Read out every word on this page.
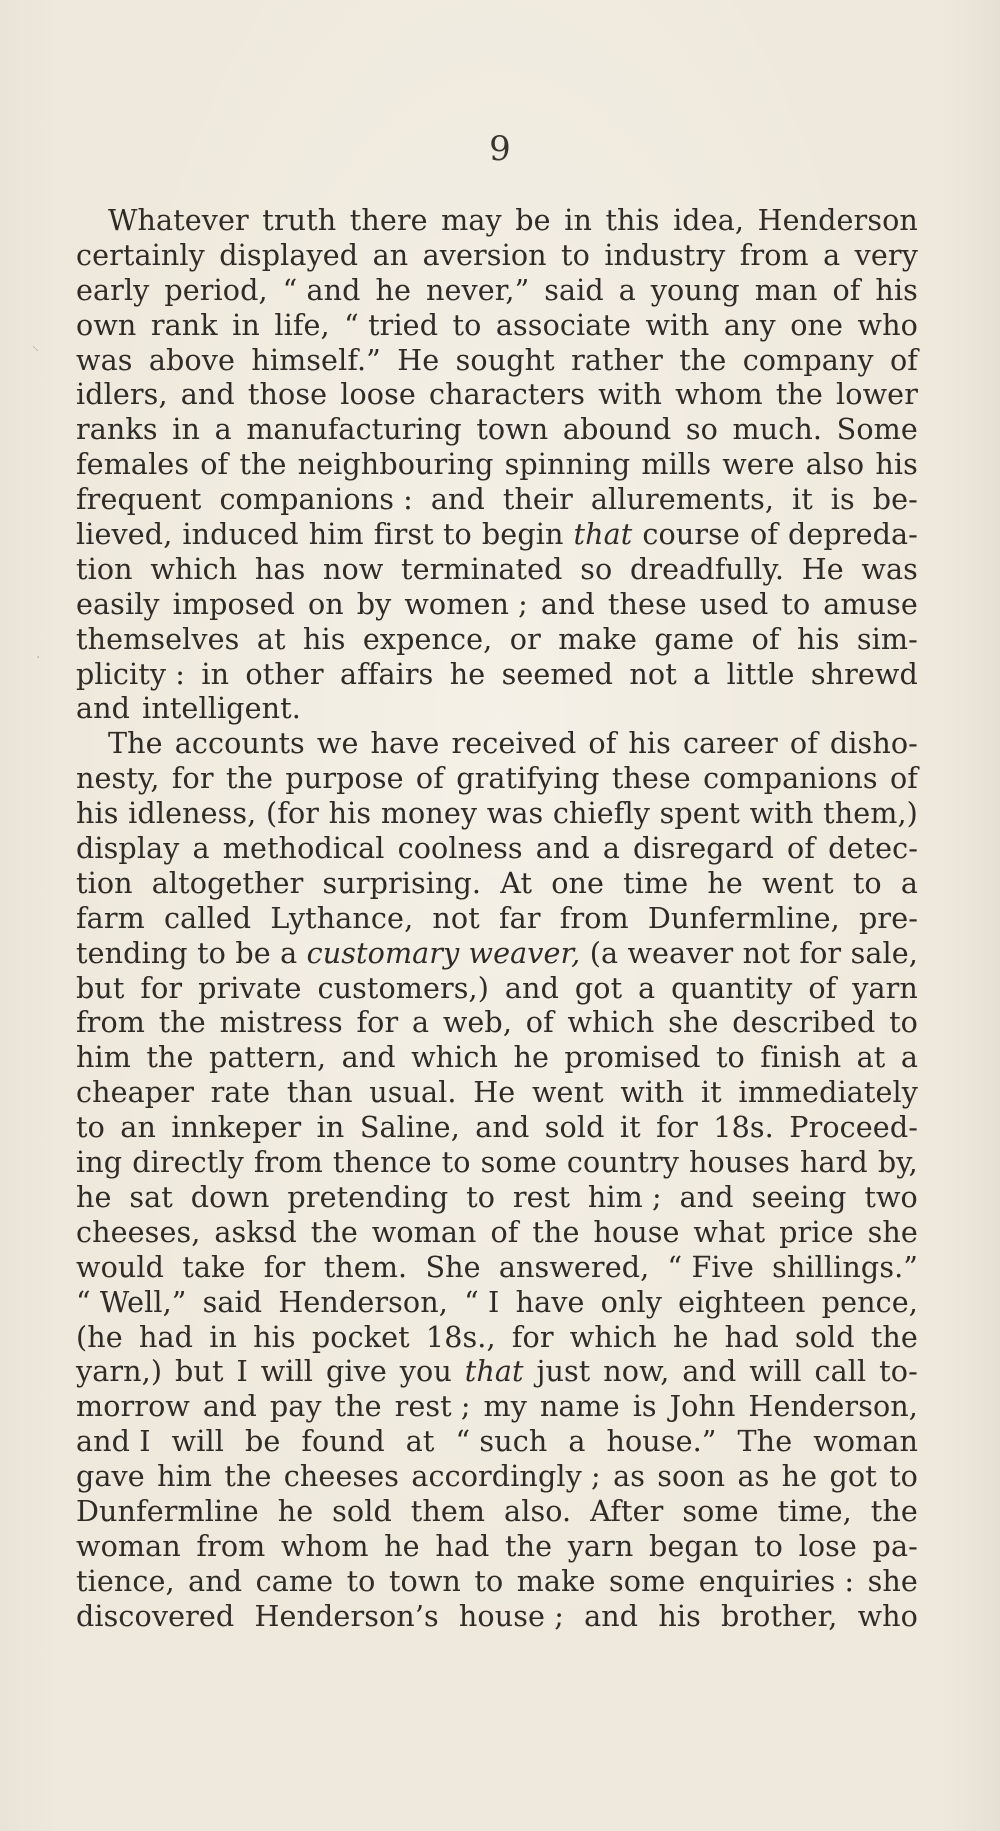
9
Whatever truth there may be in this idea, Henderson
certainly displayed an aversion to industry from a very
early period, “ and he never,” said a young man of his
own rank in life, “ tried to associate with any one who
was above himself.” He sought rather the company of
idlers, and those loose characters with whom the lower
ranks in a manufacturing town abound so much. Some
females of the neighbouring spinning mills were also his
frequent companions : and their allurements, it is be-
lieved, induced him first to begin that course of depreda-
tion which has now terminated so dreadfully. He was
easily imposed on by women ; and these used to amuse
themselves at his expence, or make game of his sim-
plicity : in other affairs he seemed not a little shrewd
and intelligent.
The accounts we have received of his career of disho-
nesty, for the purpose of gratifying these companions of
his idleness, (for his money was chiefly spent with them,)
display a methodical coolness and a disregard of detec-
tion altogether surprising. At one time he went to a
farm called Lythance, not far from Dunfermline, pre-
tending to be a customary weaver, (a weaver not for sale,
but for private customers,) and got a quantity of yarn
from the mistress for a web, of which she described to
him the pattern, and which he promised to finish at a
cheaper rate than usual. He went with it immediately
to an innkeper in Saline, and sold it for 18s. Proceed-
ing directly from thence to some country houses hard by,
he sat down pretending to rest him ; and seeing two
cheeses, asksd the woman of the house what price she
would take for them. She answered, “ Five shillings.”
“ Well,” said Henderson, “ I have only eighteen pence,
(he had in his pocket 18s., for which he had sold the
yarn,) but I will give you that just now, and will call to-
morrow and pay the rest ; my name is John Henderson,
and I will be found at “ such a house.” The woman
gave him the cheeses accordingly ; as soon as he got to
Dunfermline he sold them also. After some time, the
woman from whom he had the yarn began to lose pa-
tience, and came to town to make some enquiries : she
discovered Henderson’s house ; and his brother, who
⸜
·
